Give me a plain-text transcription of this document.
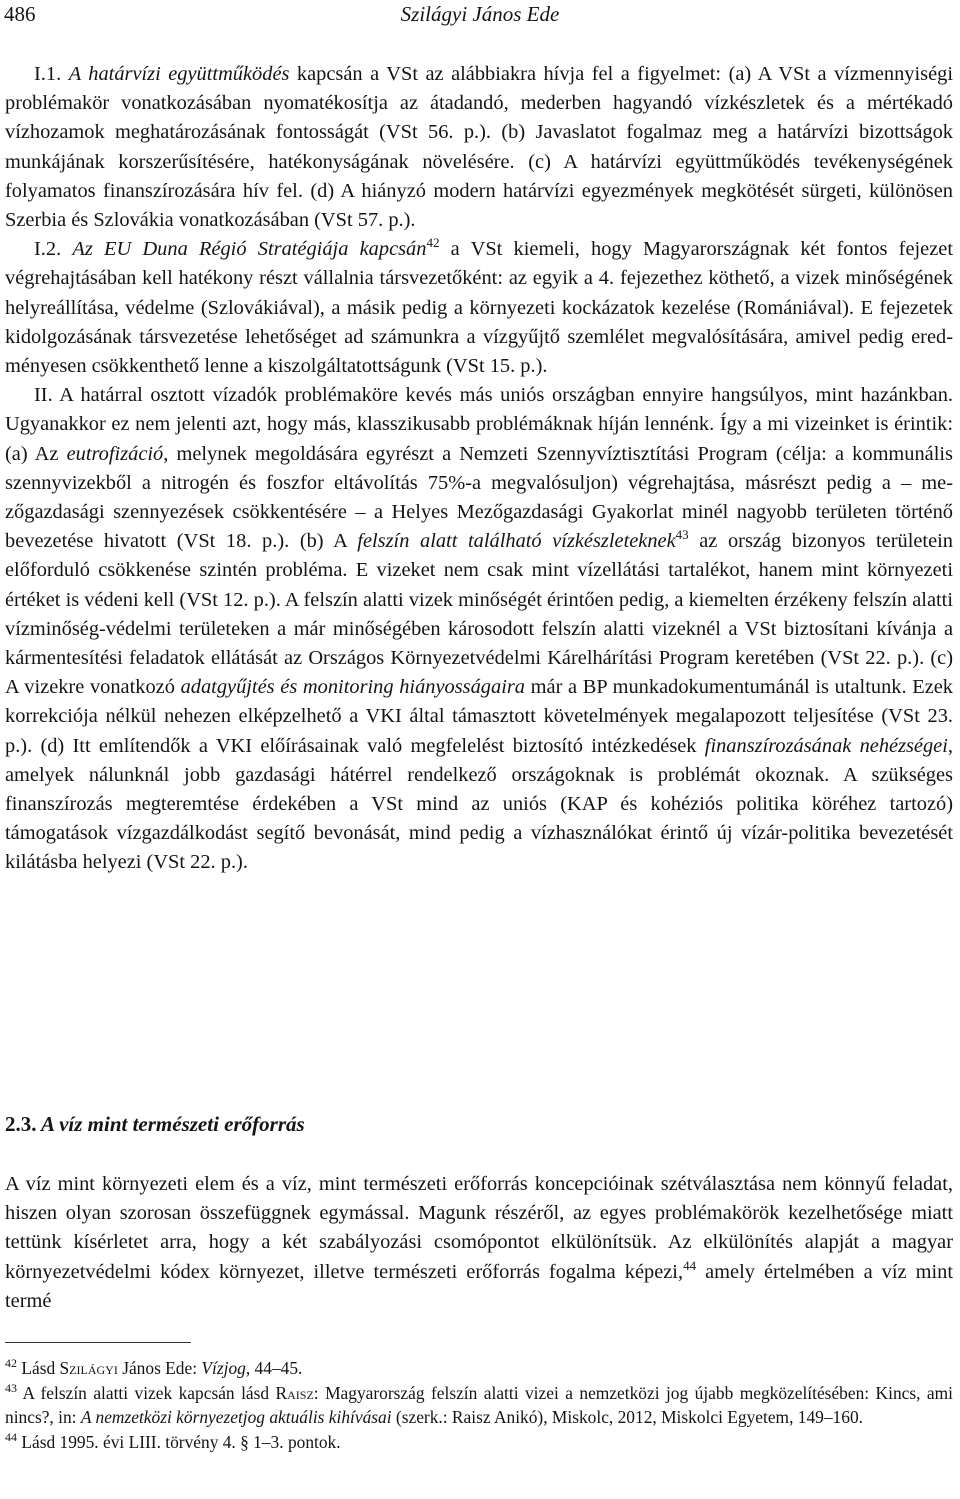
486	Szilágyi János Ede

I.1. A határvízi együttműködés kapcsán a VSt az alábbiakra hívja fel a figyelmet: (a) A VSt a vízmennyiségi problémakör vonatkozásában nyomatékosítja az átadandó, mederben hagyandó vízkészletek és a mértékadó vízhozamok meghatározásának fontosságát (VSt 56. p.). (b) Javaslatot fogalmaz meg a határvízi bizottságok munkájának korszerűsítésére, hatékonyságának növelésére. (c) A határvízi együttműködés tevékenységének folyamatos finanszírozására hív fel. (d) A hiányzó modern határvízi egyezmények megkötését sürgeti, különösen Szerbia és Szlovákia vonatkozásában (VSt 57. p.).

I.2. Az EU Duna Régió Stratégiája kapcsán$^{42}$ a VSt kiemeli, hogy Magyarországnak két fontos fejezet végrehajtásában kell hatékony részt vállalnia társvezetőként: az egyik a 4. fejezethez köthető, a vizek minőségének helyreállítása, védelme (Szlovákiával), a másik pedig a környezeti kockázatok kezelése (Romániával). E fejezetek kidolgozásának társvezetése lehetőséget ad számunkra a vízgyűjtő szemlélet megvalósítására, amivel pedig eredményesen csökkenthető lenne a kiszolgáltatottságunk (VSt 15. p.).

II. A határral osztott vízadók problémaköre kevés más uniós országban ennyire hangsúlyos, mint hazánkban. Ugyanakkor ez nem jelenti azt, hogy más, klasszikusabb problémáknak híján lennénk. Így a mi vizeinket is érintik: (a) Az eutrofizáció, melynek megoldására egyrészt a Nemzeti Szennyvíztisztítási Program (célja: a kommunális szennyvizekből a nitrogén és foszfor eltávolítás 75%-a megvalósuljon) végrehajtása, másrészt pedig a – mezőgazdasági szennyezések csökkentésére – a Helyes Mezőgazdasági Gyakorlat minél nagyobb területen történő bevezetése hivatott (VSt 18. p.). (b) A felszín alatt található vízkészleteknek$^{43}$ az ország bizonyos területein előforduló csökkenése szintén probléma. E vizeket nem csak mint vízellátási tartalékot, hanem mint környezeti értéket is védeni kell (VSt 12. p.). A felszín alatti vizek minőségét érintően pedig, a kiemelten érzékeny felszín alatti vízminőség-védelmi területeken a már minőségében károsodott felszín alatti vizeknél a VSt biztosítani kívánja a kármentesítési feladatok ellátását az Országos Környezetvédelmi Kárelhárítási Program keretében (VSt 22. p.). (c) A vizekre vonatkozó adatgyűjtés és monitoring hiányosságaira már a BP munkadokumentumánál is utaltunk. Ezek korrekciója nélkül nehezen elképzelhető a VKI által támasztott követelmények megalapozott teljesítése (VSt 23. p.). (d) Itt említendők a VKI előírásainak való megfelelést biztosító intézkedések finanszírozásának nehézségei, amelyek nálunknál jobb gazdasági hátérrel rendelkező országoknak is problémát okoznak. A szükséges finanszírozás megteremtése érdekében a VSt mind az uniós (KAP és kohéziós politika köréhez tartozó) támogatások vízgazdálkodást segítő bevonását, mind pedig a vízhasználókat érintő új vízár-politika bevezetését kilátásba helyezi (VSt 22. p.).

2.3. A víz mint természeti erőforrás

A víz mint környezeti elem és a víz, mint természeti erőforrás koncepcióinak szétválasztása nem könnyű feladat, hiszen olyan szorosan összefüggnek egymással. Magunk részéről, az egyes problémakörök kezelhetősége miatt tettünk kísérletet arra, hogy a két szabályozási csomópontot elkülönítsük. Az elkülönítés alapját a magyar környezetvédelmi kódex környezet, illetve természeti erőforrás fogalma képezi,$^{44}$ amely értelmében a víz mint termé

$^{42}$ Lásd Szilágyi János Ede: Vízjog, 44–45.

$^{43}$ A felszín alatti vizek kapcsán lásd Raisz: Magyarország felszín alatti vizei a nemzetközi jog újabb megközelítésében: Kincs, ami nincs?, in: A nemzetközi környezetjog aktuális kihívásai (szerk.: Raisz Anikó), Miskolc, 2012, Miskolci Egyetem, 149–160.

$^{44}$ Lásd 1995. évi LIII. törvény 4. § 1–3. pontok.
